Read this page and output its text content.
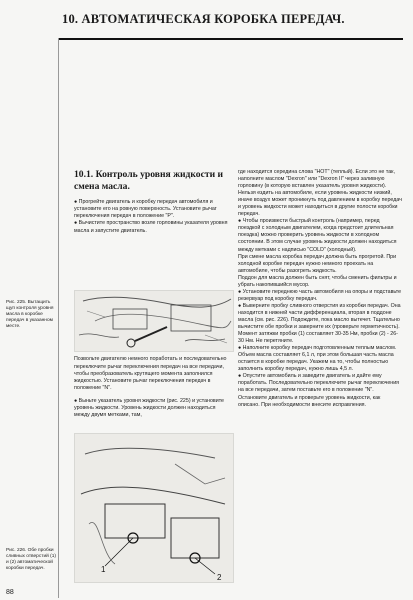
10. АВТОМАТИЧЕСКАЯ КОРОБКА ПЕРЕДАЧ.
10.1. Контроль уровня жидкости и смена масла.

● Прогрейте двигатель и коробку передач автомобиля и установите его на ровную поверхность. Установите рычаг переключения передач в положение "P".

● Вычистите пространство возле горловины указателя уровня масла и запустите двигатель.

Рис. 225. Вытащить щуп контроля уровня масла в коробке передач в указанном месте.

Позвольте двигателю немного поработать и последовательно переключите рычаг переключения передач на все передачи, чтобы преобразователь крутящего момента заполнился жидкостью. Установите рычаг переключения передач в положение "N".

● Выньте указатель уровня жидкости (рис. 225) и установите уровень жидкости. Уровень жидкости должен находиться между двумя метками, там,

1
2
Рис. 226. Обе пробки сливных отверстий (1) и (2) автоматической коробки передач.

где находится середина слова "HOT" (теплый). Если это не так, наполните маслом "Dexron" или "Dexron II" через заливную горловину (в которую вставлен указатель уровня жидкости). Нельзя ездить на автомобиле, если уровень жидкости низкий, иначе воздух может проникнуть под давлением в коробку передач и уровень жидкости может находиться в другие полости коробки передач.

● Чтобы произвести быстрый контроль (например, перед поездкой с холодным двигателем, когда предстоит длительная поездка) можно проверить уровень жидкости в холодном состоянии. В этом случае уровень жидкости должен находиться между метками с надписью "COLD" (холодный).

При смене масла коробка передач должна быть прогретой. При холодной коробке передач нужно немного проехать на автомобиле, чтобы разогреть жидкость.

Поддон для масла должен быть снят, чтобы сменить фильтры и убрать накопившийся мусор.

● Установите переднюю часть автомобиля на опоры и подставьте резервуар под коробку передач.

● Выверните пробку сливного отверстия из коробки передач. Она находится в нижней части дифференциала, вторая в поддоне масла (см. рис. 226). Подождите, пока масло вытечет. Тщательно вычистите обе пробки и заверните их (проверьте герметичность). Момент затяжки пробки (1) составляет 30-35 Нм, пробки (2) - 26-30 Нм. Не перетяните.

● Наполните коробку передач подготовленным теплым маслом. Объем масла составляет 6,1 л, при этом большая часть масла остается в коробке передач. Укажем на то, чтобы полностью заполнить коробку передач, нужно лишь 4,5 л.

● Опустите автомобиль и заведите двигатель и дайте ему поработать. Последовательно переключите рычаг переключения на все передачи, затем поставьте его в положение "N". Остановите двигатель и проверьте уровень жидкости, как описано. При необходимости внесите исправления.

88
